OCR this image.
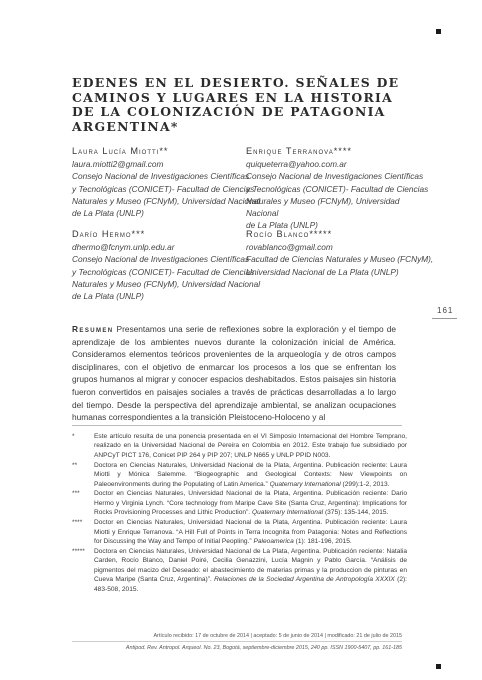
161
EDENES EN EL DESIERTO. SEÑALES DE CAMINOS Y LUGARES EN LA HISTORIA DE LA COLONIZACIÓN DE PATAGONIA ARGENTINA*
Laura Lucía Miotti**
laura.miotti2@gmail.com
Consejo Nacional de Investigaciones Científicas
y Tecnológicas (CONICET)- Facultad de Ciencias
Naturales y Museo (FCNyM), Universidad Nacional
de La Plata (UNLP)
Enrique Terranova****
quiqueterra@yahoo.com.ar
Consejo Nacional de Investigaciones Científicas
y Tecnológicas (CONICET)- Facultad de Ciencias
Naturales y Museo (FCNyM), Universidad Nacional
de La Plata (UNLP)
Darío Hermo***
dhermo@fcnym.unlp.edu.ar
Consejo Nacional de Investigaciones Científicas
y Tecnológicas (CONICET)- Facultad de Ciencias
Naturales y Museo (FCNyM), Universidad Nacional
de La Plata (UNLP)
Rocío Blanco*****
rovablanco@gmail.com
Facultad de Ciencias Naturales y Museo (FCNyM),
Universidad Nacional de La Plata (UNLP)

Resumen Presentamos una serie de reflexiones sobre la exploración y el tiempo de aprendizaje de los ambientes nuevos durante la colonización inicial de América. Consideramos elementos teóricos provenientes de la arqueología y de otros campos disciplinares, con el objetivo de enmarcar los procesos a los que se enfrentan los grupos humanos al migrar y conocer espacios deshabitados. Estos paisajes sin historia fueron convertidos en paisajes sociales a través de prácticas desarrolladas a lo largo del tiempo. Desde la perspectiva del aprendizaje ambiental, se analizan ocupaciones humanas correspondientes a la transición Pleistoceno-Holoceno y al

*	Este artículo resulta de una ponencia presentada en el VI Simposio Internacional del Hombre Temprano, realizado en la Universidad Nacional de Pereira en Colombia en 2012. Este trabajo fue subsidiado por ANPCyT PICT 176, Conicet PIP 264 y PIP 207; UNLP N665 y UNLP PPID N003.
**	Doctora en Ciencias Naturales, Universidad Nacional de la Plata, Argentina. Publicación reciente: Laura Miotti y Mónica Salemme. “Biogeographic and Geological Contexts: New Viewpoints on Paleoenvironments during the Populating of Latin America.” Quaternary International (299):1-2, 2013.
***	Doctor en Ciencias Naturales, Universidad Nacional de la Plata, Argentina. Publicación reciente: Dario Hermo y Virginia Lynch. “Core technology from Maripe Cave Site (Santa Cruz, Argentina): Implications for Rocks Provisioning Processes and Lithic Production”. Quaternary International (375): 135-144, 2015.
****	Doctor en Ciencias Naturales, Universidad Nacional de la Plata, Argentina. Publicación reciente: Laura Miotti y Enrique Terranova. “A Hill Full of Points in Terra Incognita from Patagonia: Notes and Reflections for Discussing the Way and Tempo of Initial Peopling.” Paleoamerica (1): 181-196, 2015.
*****	Doctora en Ciencias Naturales, Universidad Nacional de La Plata, Argentina. Publicación reciente: Natalia Carden, Rocío Blanco, Daniel Poiré, Cecilia Genazzini, Lucía Magnin y Pablo García. “Análisis de pigmentos del macizo del Deseado: el abastecimiento de materias primas y la produccion de pinturas en Cueva Maripe (Santa Cruz, Argentina)”. Relaciones de la Sociedad Argentina de Antropología XXXIX (2): 483-508, 2015.
Artículo recibido: 17 de octubre de 2014 | aceptado: 5 de junio de 2014 | modificado: 21 de julio de 2015
Antipod. Rev. Antropol. Arqueol. No. 23, Bogotá, septiembre-diciembre 2015, 240 pp. ISSN 1900-5407, pp. 161-185
